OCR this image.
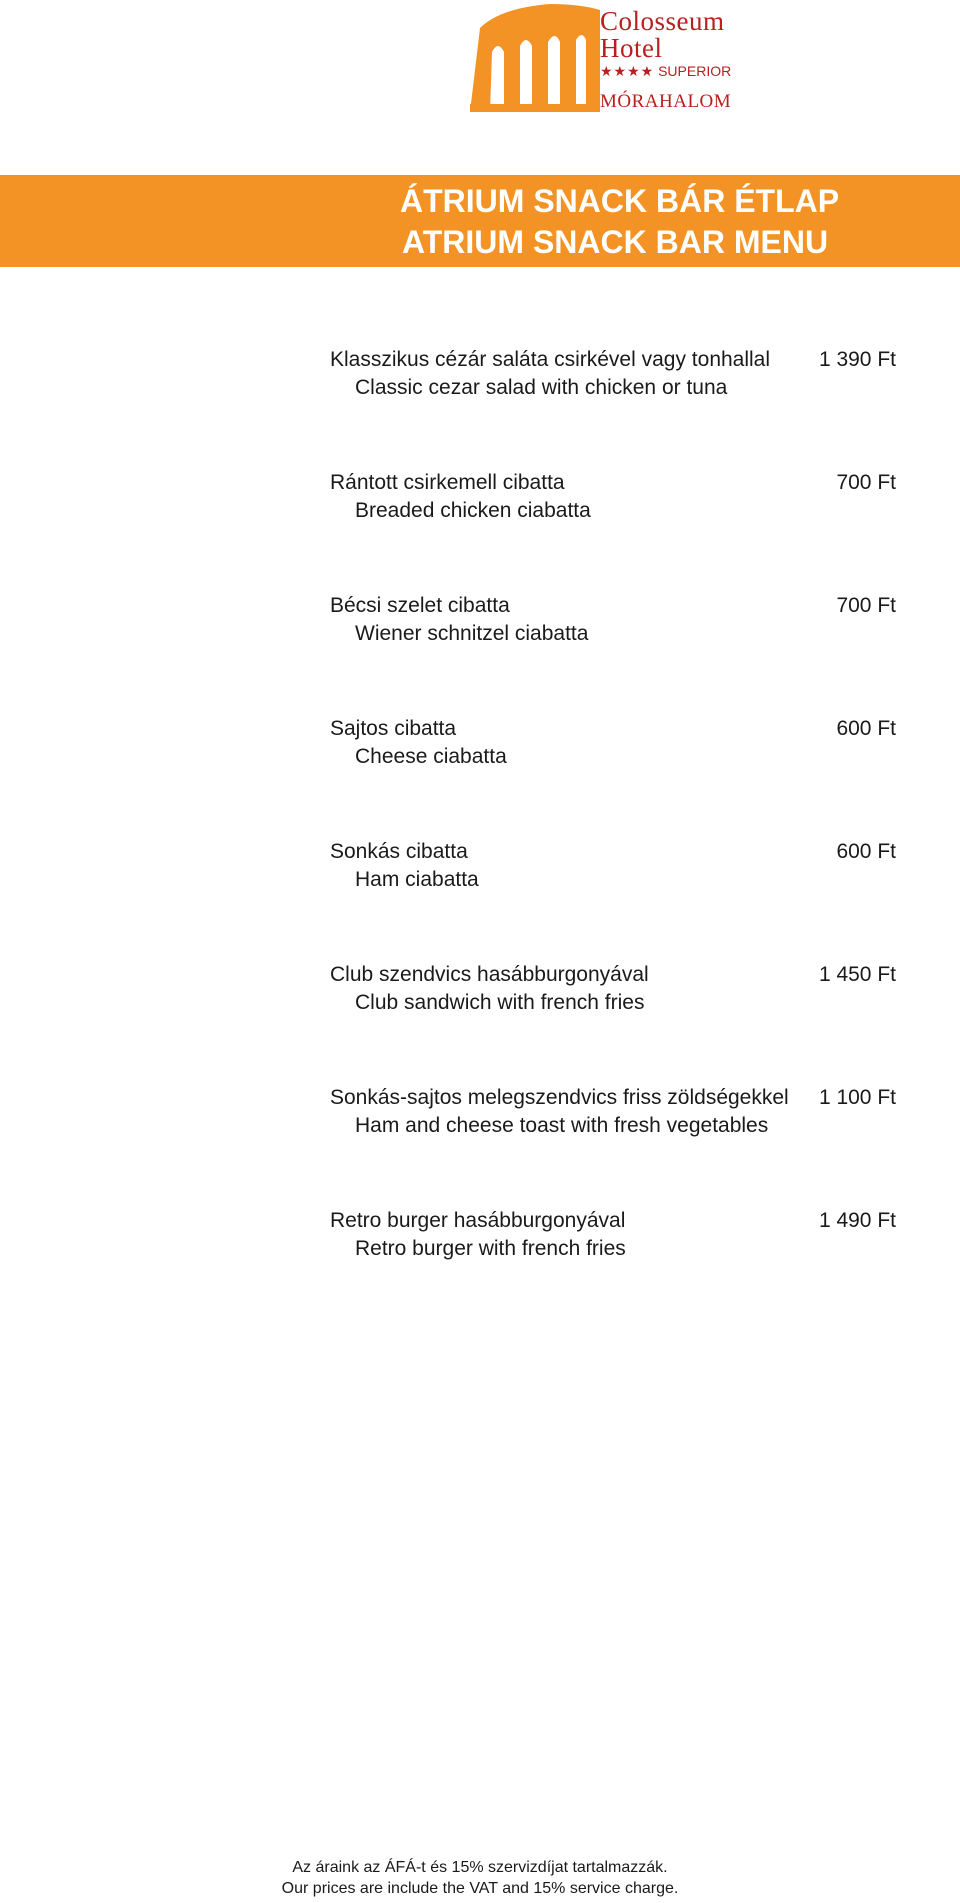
Colosseum
Hotel
★★★★ SUPERIOR
MÓRAHALOM
ÁTRIUM SNACK BÁR ÉTLAP
ATRIUM SNACK BAR MENU
Klasszikus cézár saláta csirkével vagy tonhallal
Classic cezar salad with chicken or tuna
1 390 Ft
Rántott csirkemell cibatta
Breaded chicken ciabatta
700 Ft
Bécsi szelet cibatta
Wiener schnitzel ciabatta
700 Ft
Sajtos cibatta
Cheese ciabatta
600 Ft
Sonkás cibatta
Ham ciabatta
600 Ft
Club szendvics hasábburgonyával
Club sandwich with french fries
1 450 Ft
Sonkás-sajtos melegszendvics friss zöldségekkel
Ham and cheese toast with fresh vegetables
1 100 Ft
Retro burger hasábburgonyával
Retro burger with french fries
1 490 Ft
Az áraink az ÁFÁ-t és 15% szervizdíjat tartalmazzák.
Our prices are include the VAT and 15% service charge.
